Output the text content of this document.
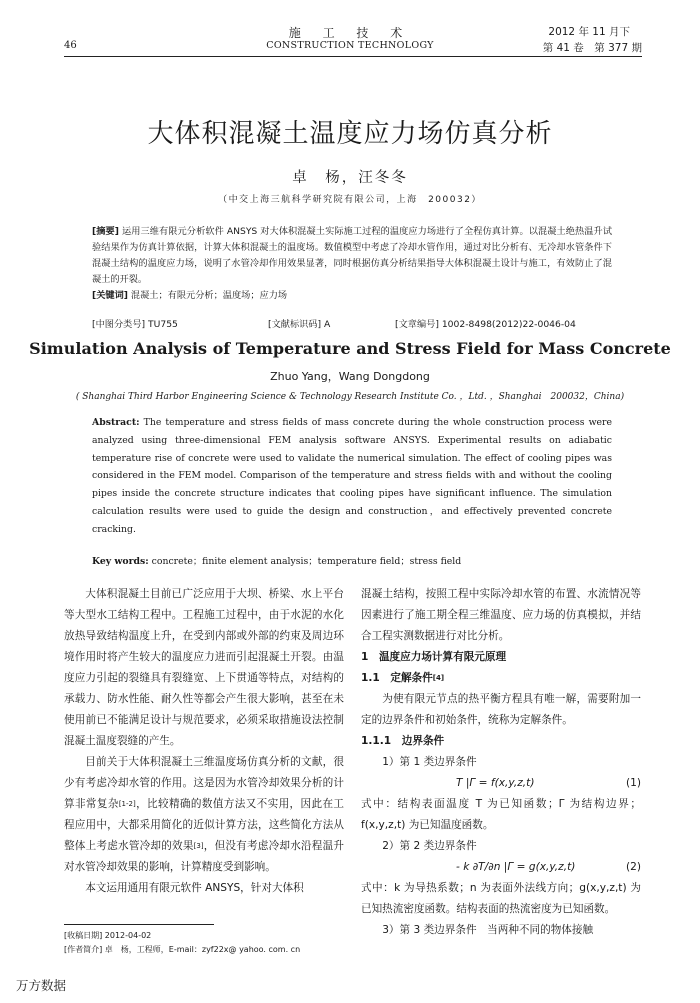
施 工 技 术
CONSTRUCTION TECHNOLOGY
46
2012 年 11 月下
第 41 卷　第 377 期
大体积混凝土温度应力场仿真分析
卓　杨，汪冬冬
（中交上海三航科学研究院有限公司，上海　200032）
[摘要] 运用三维有限元分析软件 ANSYS 对大体积混凝土实际施工过程的温度应力场进行了全程仿真计算。以混凝土绝热温升试验结果作为仿真计算依据，计算大体积混凝土的温度场。数值模型中考虑了冷却水管作用，通过对比分析有、无冷却水管条件下混凝土结构的温度应力场，说明了水管冷却作用效果显著，同时根据仿真分析结果指导大体积混凝土设计与施工，有效防止了混凝土的开裂。
[关键词] 混凝土；有限元分析；温度场；应力场
[中图分类号] TU755	[文献标识码] A	[文章编号] 1002-8498(2012)22-0046-04
Simulation Analysis of Temperature and Stress Field for Mass Concrete
Zhuo Yang，Wang Dongdong
( Shanghai Third Harbor Engineering Science & Technology Research Institute Co. ，Ltd. ，Shanghai　200032，China)
Abstract: The temperature and stress fields of mass concrete during the whole construction process were analyzed using three-dimensional FEM analysis software ANSYS. Experimental results on adiabatic temperature rise of concrete were used to validate the numerical simulation. The effect of cooling pipes was considered in the FEM model. Comparison of the temperature and stress fields with and without the cooling pipes inside the concrete structure indicates that cooling pipes have significant influence. The simulation calculation results were used to guide the design and construction，and effectively prevented concrete cracking.
Key words: concrete；finite element analysis；temperature field；stress field

大体积混凝土目前已广泛应用于大坝、桥梁、水上平台等大型水工结构工程中。工程施工过程中，由于水泥的水化放热导致结构温度上升，在受到内部或外部的约束及周边环境作用时将产生较大的温度应力进而引起混凝土开裂。由温度应力引起的裂缝具有裂缝宽、上下贯通等特点，对结构的承载力、防水性能、耐久性等都会产生很大影响，甚至在未使用前已不能满足设计与规范要求，必须采取措施设法控制混凝土温度裂缝的产生。

目前关于大体积混凝土三维温度场仿真分析的文献，很少有考虑冷却水管的作用。这是因为水管冷却效果分析的计算非常复杂[1-2]，比较精确的数值方法又不实用，因此在工程应用中，大都采用简化的近似计算方法，这些简化方法从整体上考虑水管冷却的效果[3]，但没有考虑冷却水沿程温升对水管冷却效果的影响，计算精度受到影响。

本文运用通用有限元软件 ANSYS，针对大体积

混凝土结构，按照工程中实际冷却水管的布置、水流情况等因素进行了施工期全程三维温度、应力场的仿真模拟，并结合工程实测数据进行对比分析。

1　温度应力场计算有限元原理

1.1　定解条件[4]

为使有限元节点的热平衡方程具有唯一解，需要附加一定的边界条件和初始条件，统称为定解条件。

1.1.1　边界条件

1）第 1 类边界条件

T |Γ = f(x,y,z,t)	(1)

式中：结构表面温度 T 为已知函数；Γ 为结构边界；f(x,y,z,t) 为已知温度函数。

2）第 2 类边界条件

- k ∂T/∂n |Γ = g(x,y,z,t)	(2)

式中：k 为导热系数；n 为表面外法线方向；g(x,y,z,t) 为已知热流密度函数。结构表面的热流密度为已知函数。

3）第 3 类边界条件　当两种不同的物体接触

[收稿日期] 2012-04-02
[作者简介] 卓　杨，工程师，E-mail：zyf22x@ yahoo. com. cn
万方数据
